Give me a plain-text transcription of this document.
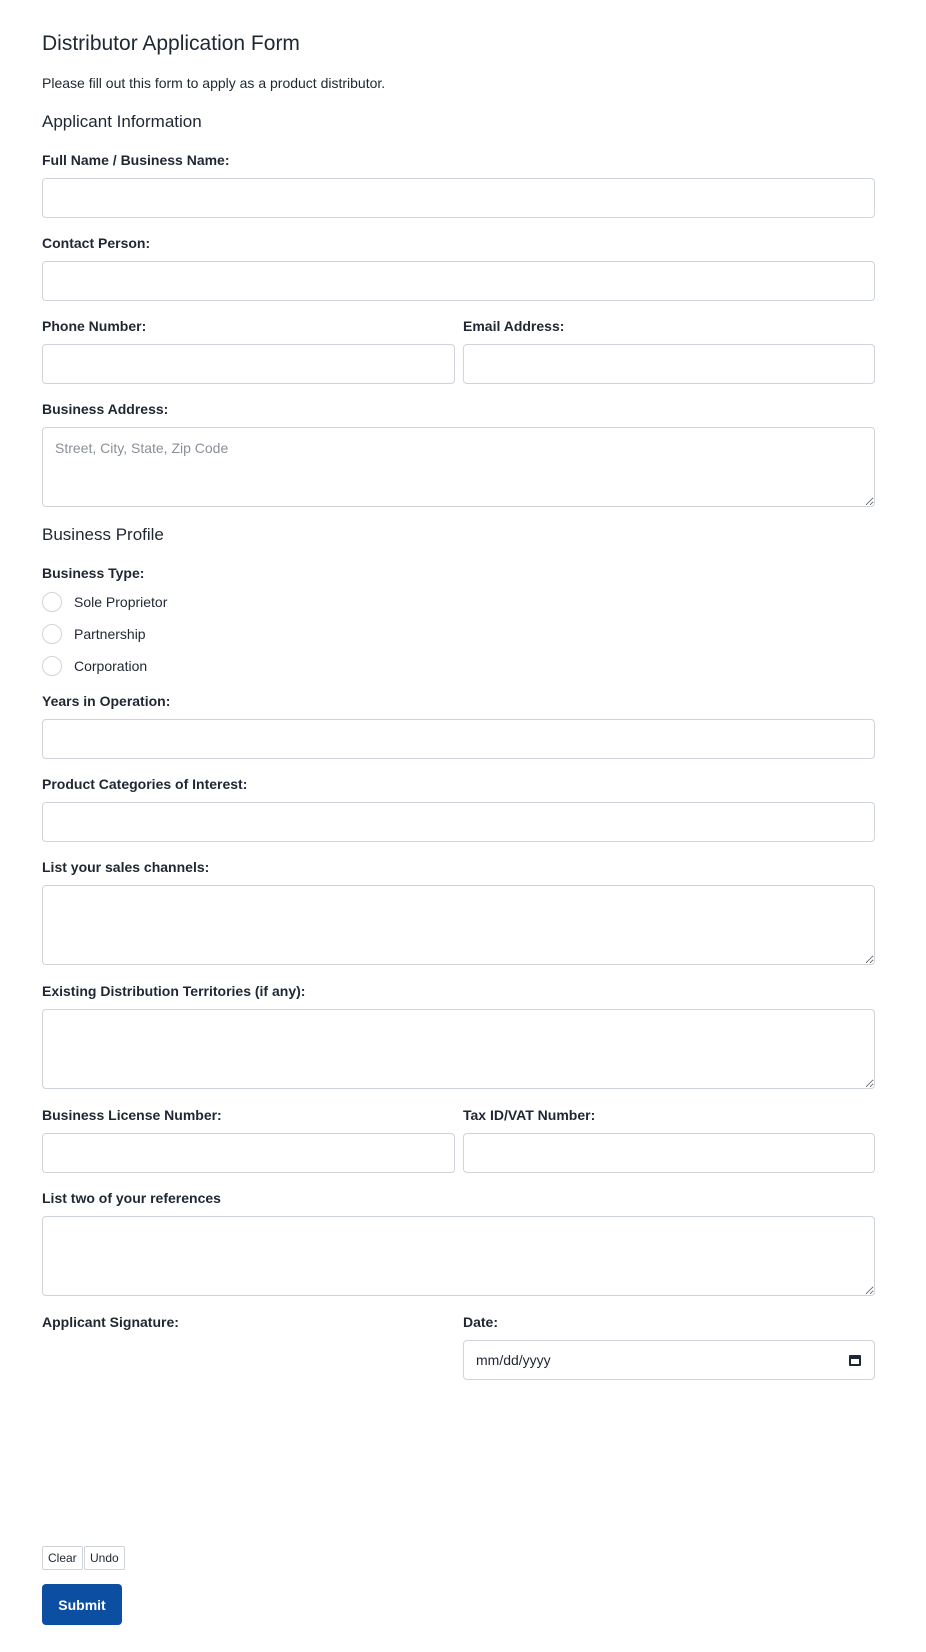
Distributor Application Form

Please fill out this form to apply as a product distributor.

Applicant Information
Full Name / Business Name:
Contact Person:
Phone Number:	Email Address:
Business Address:
Street, City, State, Zip Code
Business Profile
Business Type:
Sole Proprietor
Partnership
Corporation
Years in Operation:
Product Categories of Interest:
List your sales channels:
Existing Distribution Territories (if any):
Business License Number:	Tax ID/VAT Number:
List two of your references
Applicant Signature:	Date:
mm/dd/yyyy
Clear	Undo
Submit
